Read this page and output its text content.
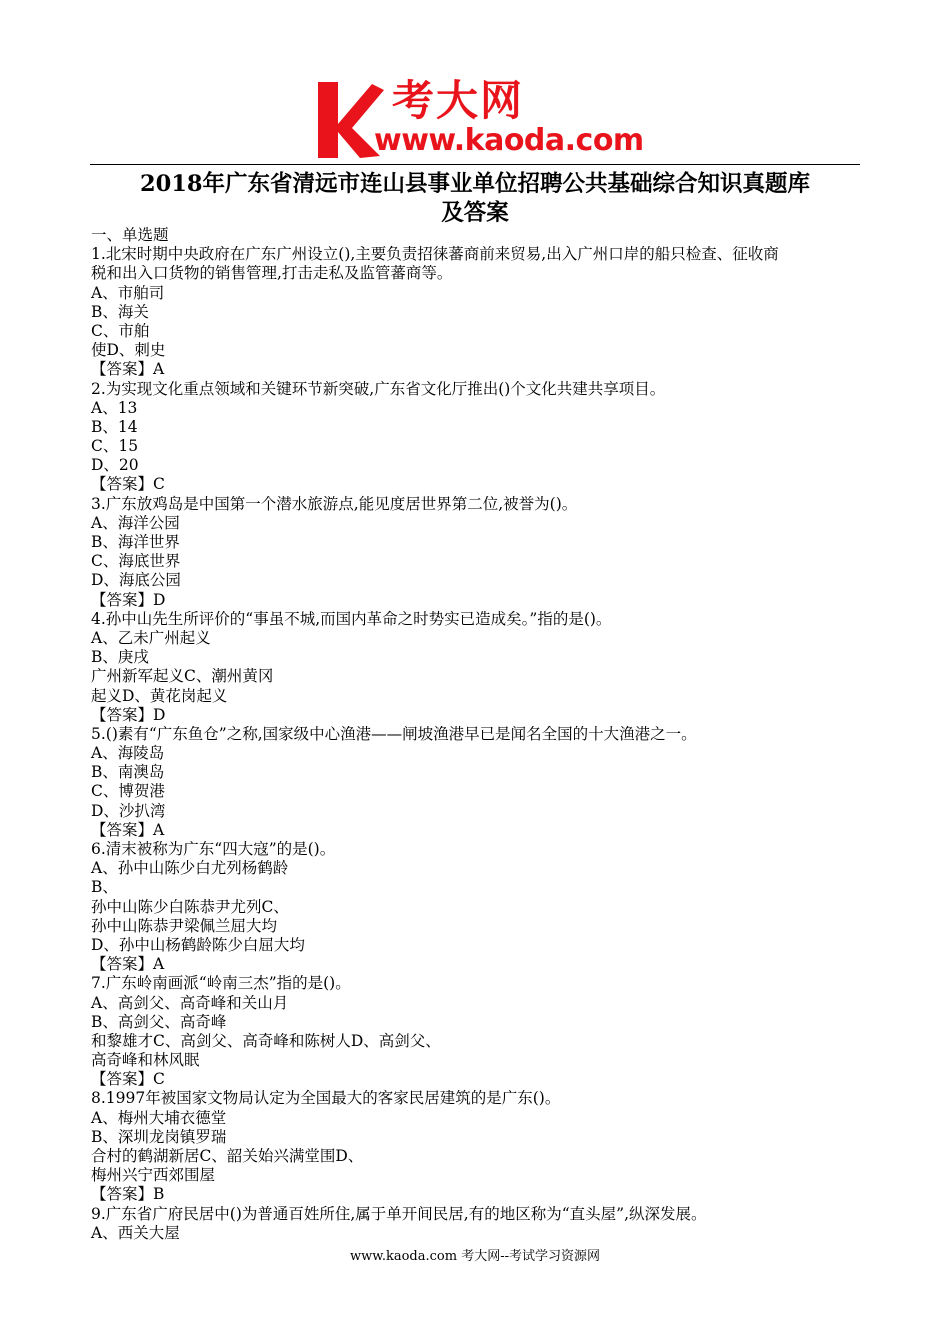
考大网
www.kaoda.com
2018年广东省清远市连山县事业单位招聘公共基础综合知识真题库
及答案
一、单选题
1.北宋时期中央政府在广东广州设立(),主要负责招徕蕃商前来贸易,出入广州口岸的船只检查、征收商
税和出入口货物的销售管理,打击走私及监管蕃商等。
A、市舶司
B、海关
C、市舶
使D、刺史
【答案】A
2.为实现文化重点领域和关键环节新突破,广东省文化厅推出()个文化共建共享项目。
A、13
B、14
C、15
D、20
【答案】C
3.广东放鸡岛是中国第一个潜水旅游点,能见度居世界第二位,被誉为()。
A、海洋公园
B、海洋世界
C、海底世界
D、海底公园
【答案】D
4.孙中山先生所评价的“事虽不城,而国内革命之时势实已造成矣。”指的是()。
A、乙未广州起义
B、庚戌
广州新军起义C、潮州黄冈
起义D、黄花岗起义
【答案】D
5.()素有“广东鱼仓”之称,国家级中心渔港——闸坡渔港早已是闻名全国的十大渔港之一。
A、海陵岛
B、南澳岛
C、博贺港
D、沙扒湾
【答案】A
6.清末被称为广东“四大寇”的是()。
A、孙中山陈少白尤列杨鹤龄
B、
孙中山陈少白陈恭尹尤列C、
孙中山陈恭尹梁佩兰屈大均
D、孙中山杨鹤龄陈少白屈大均
【答案】A
7.广东岭南画派“岭南三杰”指的是()。
A、高剑父、高奇峰和关山月
B、高剑父、高奇峰
和黎雄才C、高剑父、高奇峰和陈树人D、高剑父、
高奇峰和林风眠
【答案】C
8.1997年被国家文物局认定为全国最大的客家民居建筑的是广东()。
A、梅州大埔衣德堂
B、深圳龙岗镇罗瑞
合村的鹤湖新居C、韶关始兴满堂围D、
梅州兴宁西郊围屋
【答案】B
9.广东省广府民居中()为普通百姓所住,属于单开间民居,有的地区称为“直头屋”,纵深发展。
A、西关大屋
www.kaoda.com 考大网--考试学习资源网
